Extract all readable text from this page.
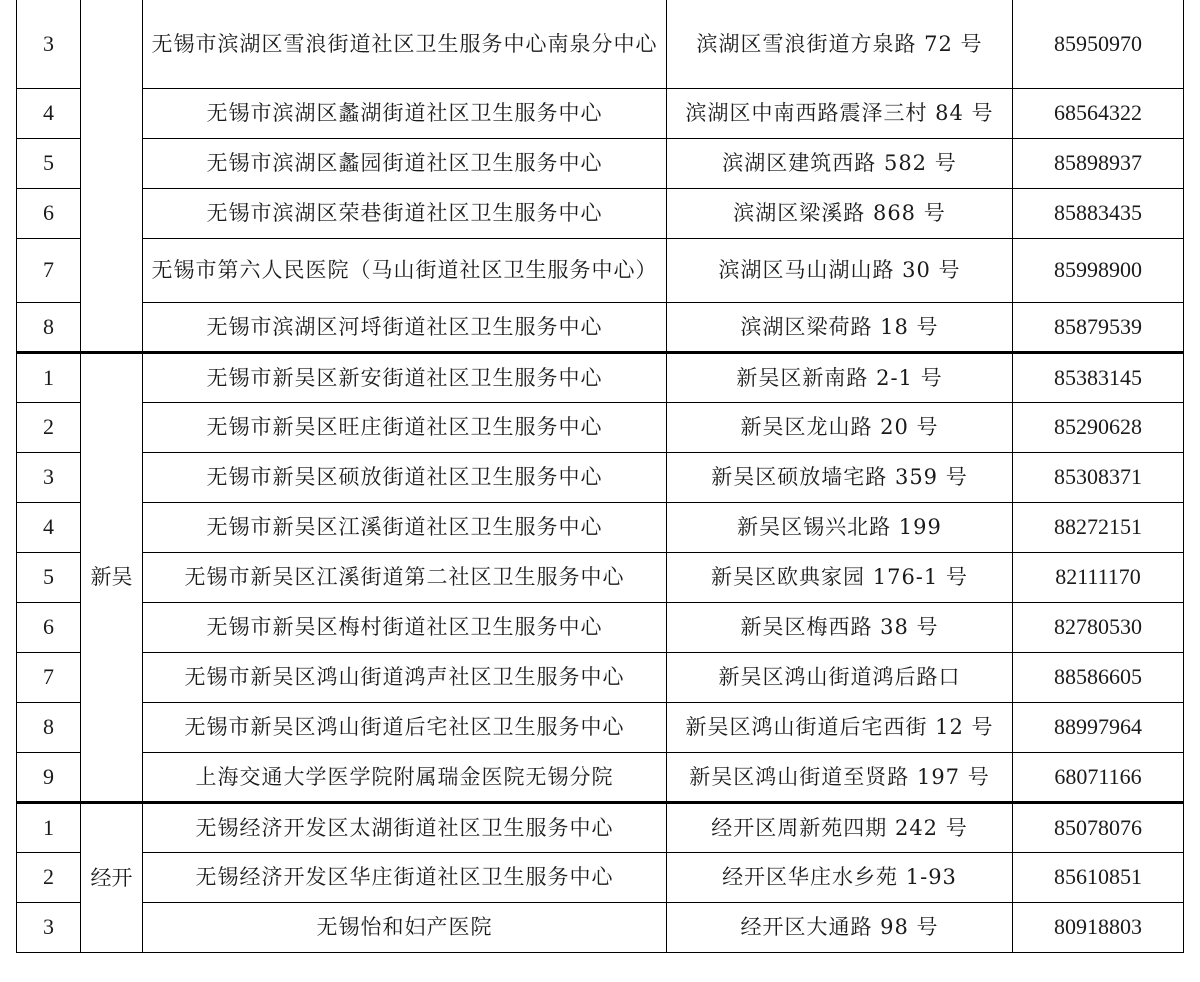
3		无锡市滨湖区雪浪街道社区卫生服务中心南泉分中心	滨湖区雪浪街道方泉路 72 号	85950970
4		无锡市滨湖区蠡湖街道社区卫生服务中心	滨湖区中南西路震泽三村 84 号	68564322
5		无锡市滨湖区蠡园街道社区卫生服务中心	滨湖区建筑西路 582 号	85898937
6		无锡市滨湖区荣巷街道社区卫生服务中心	滨湖区梁溪路 868 号	85883435
7		无锡市第六人民医院（马山街道社区卫生服务中心）	滨湖区马山湖山路 30 号	85998900
8		无锡市滨湖区河埒街道社区卫生服务中心	滨湖区梁荷路 18 号	85879539
1	新吴	无锡市新吴区新安街道社区卫生服务中心	新吴区新南路 2-1 号	85383145
2		无锡市新吴区旺庄街道社区卫生服务中心	新吴区龙山路 20 号	85290628
3		无锡市新吴区硕放街道社区卫生服务中心	新吴区硕放墙宅路 359 号	85308371
4		无锡市新吴区江溪街道社区卫生服务中心	新吴区锡兴北路 199	88272151
5		无锡市新吴区江溪街道第二社区卫生服务中心	新吴区欧典家园 176-1 号	82111170
6		无锡市新吴区梅村街道社区卫生服务中心	新吴区梅西路 38 号	82780530
7		无锡市新吴区鸿山街道鸿声社区卫生服务中心	新吴区鸿山街道鸿后路口	88586605
8		无锡市新吴区鸿山街道后宅社区卫生服务中心	新吴区鸿山街道后宅西街 12 号	88997964
9		上海交通大学医学院附属瑞金医院无锡分院	新吴区鸿山街道至贤路 197 号	68071166
1	经开	无锡经济开发区太湖街道社区卫生服务中心	经开区周新苑四期 242 号	85078076
2		无锡经济开发区华庄街道社区卫生服务中心	经开区华庄水乡苑 1-93	85610851
3		无锡怡和妇产医院	经开区大通路 98 号	80918803
